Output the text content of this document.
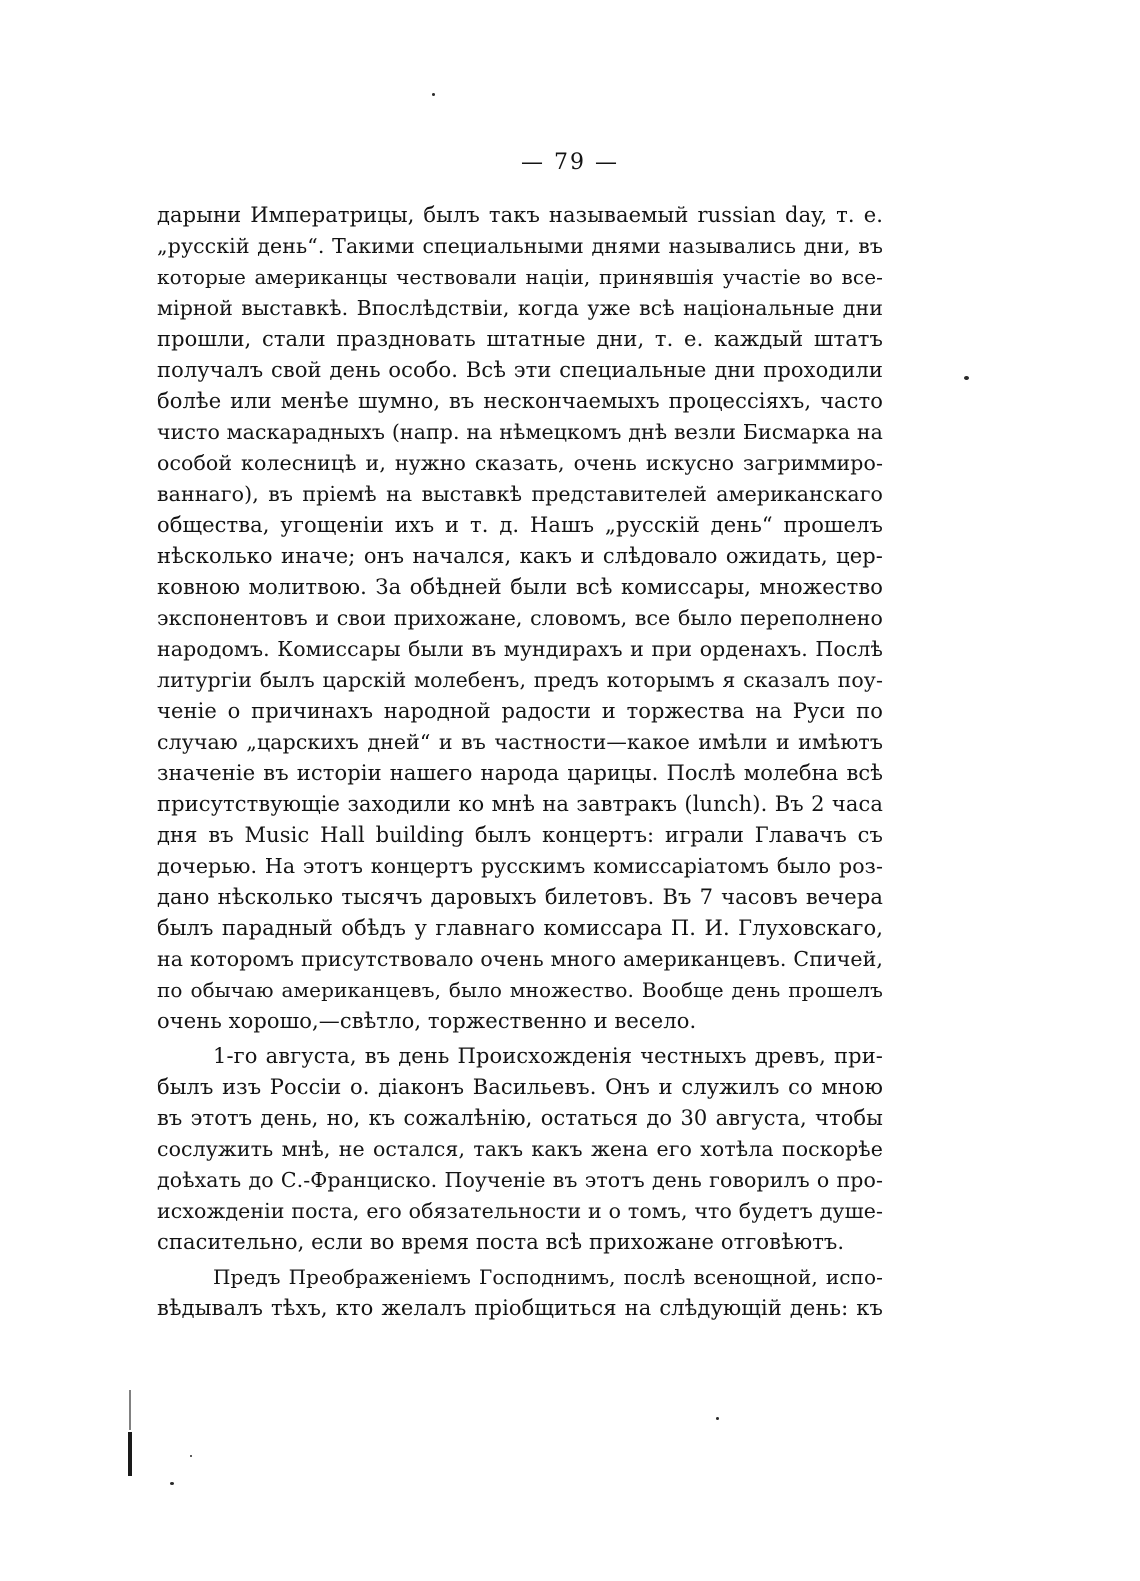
— 79 —
дарыни Императрицы, былъ такъ называемый russian day, т. е.
„русскій день“. Такими специальными днями назывались дни, въ
которые американцы чествовали націи, принявшія участіе во все-
мірной выставкѣ. Впослѣдствіи, когда уже всѣ національные дни
прошли, стали праздновать штатные дни, т. е. каждый штатъ
получалъ свой день особо. Всѣ эти специальные дни проходили
болѣе или менѣе шумно, въ нескончаемыхъ процессіяхъ, часто
чисто маскарадныхъ (напр. на нѣмецкомъ днѣ везли Бисмарка на
особой колесницѣ и, нужно сказать, очень искусно загриммиро-
ваннаго), въ пріемѣ на выставкѣ представителей американскаго
общества, угощеніи ихъ и т. д. Нашъ „русскій день“ прошелъ
нѣсколько иначе; онъ начался, какъ и слѣдовало ожидать, цер-
ковною молитвою. За обѣдней были всѣ комиссары, множество
экспонентовъ и свои прихожане, словомъ, все было переполнено
народомъ. Комиссары были въ мундирахъ и при орденахъ. Послѣ
литургіи былъ царскій молебенъ, предъ которымъ я сказалъ поу-
ченіе о причинахъ народной радости и торжества на Руси по
случаю „царскихъ дней“ и въ частности—какое имѣли и имѣютъ
значеніе въ исторіи нашего народа царицы. Послѣ молебна всѣ
присутствующіе заходили ко мнѣ на завтракъ (lunch). Въ 2 часа
дня въ Music Hall building былъ концертъ: играли Главачъ съ
дочерью. На этотъ концертъ русскимъ комиссаріатомъ было роз-
дано нѣсколько тысячъ даровыхъ билетовъ. Въ 7 часовъ вечера
былъ парадный обѣдъ у главнаго комиссара П. И. Глуховскаго,
на которомъ присутствовало очень много американцевъ. Спичей,
по обычаю американцевъ, было множество. Вообще день прошелъ
очень хорошо,—свѣтло, торжественно и весело.
1-го августа, въ день Происхожденія честныхъ древъ, при-
былъ изъ Россіи о. діаконъ Васильевъ. Онъ и служилъ со мною
въ этотъ день, но, къ сожалѣнію, остаться до 30 августа, чтобы
сослужить мнѣ, не остался, такъ какъ жена его хотѣла поскорѣе
доѣхать до С.-Франциско. Поученіе въ этотъ день говорилъ о про-
исхожденіи поста, его обязательности и о томъ, что будетъ душе-
спасительно, если во время поста всѣ прихожане отговѣютъ.
Предъ Преображеніемъ Господнимъ, послѣ всенощной, испо-
вѣдывалъ тѣхъ, кто желалъ пріобщиться на слѣдующій день: къ
